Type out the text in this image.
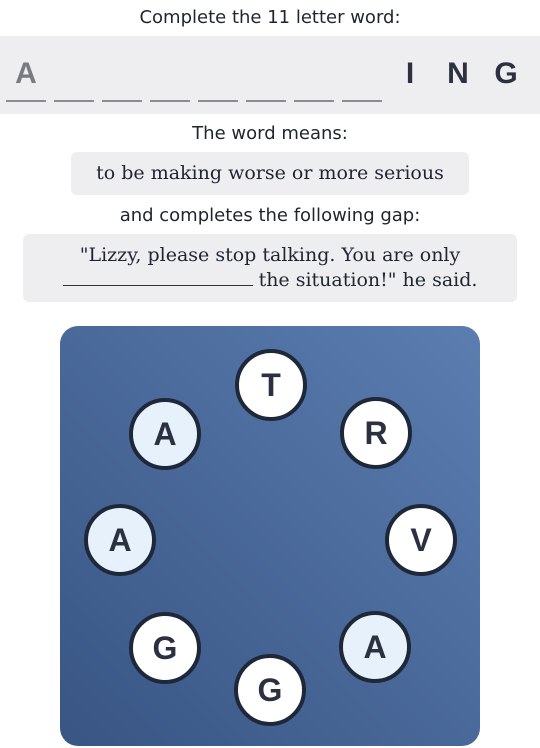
Complete the 11 letter word:
A	I	N G
The word means:
to be making worse or more serious
and completes the following gap:
"Lizzy, please stop talking. You are only
the situation!" he said.
T
R
V
A
G
G
A
A
